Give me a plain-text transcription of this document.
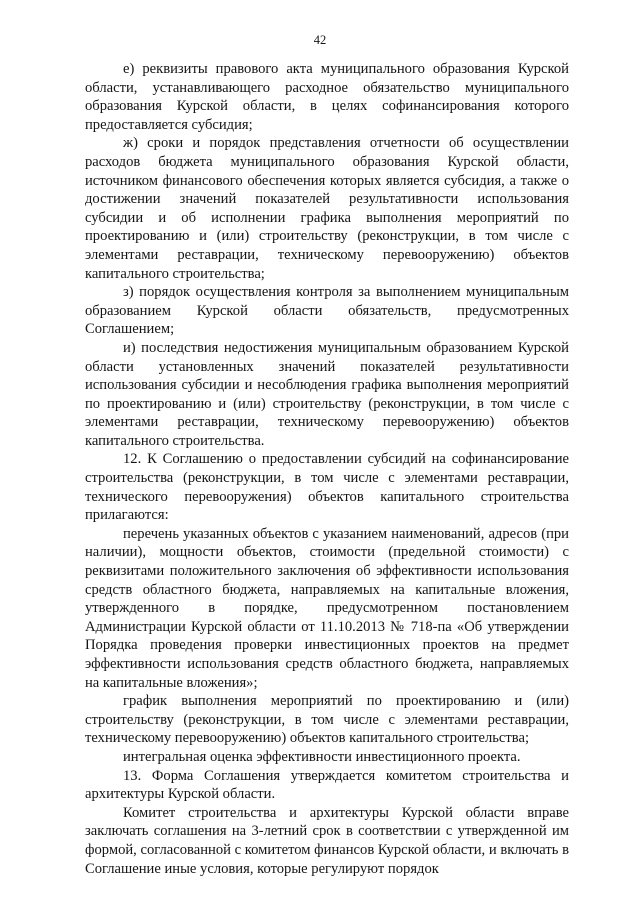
42

е) реквизиты правового акта муниципального образования Курской области, устанавливающего расходное обязательство муниципального образования Курской области, в целях софинансирования которого предоставляется субсидия;

ж) сроки и порядок представления отчетности об осуществлении расходов бюджета муниципального образования Курской области, источником финансового обеспечения которых является субсидия, а также о достижении значений показателей результативности использования субсидии и об исполнении графика выполнения мероприятий по проектированию и (или) строительству (реконструкции, в том числе с элементами реставрации, техническому перевооружению) объектов капитального строительства;

з) порядок осуществления контроля за выполнением муниципальным образованием Курской области обязательств, предусмотренных Соглашением;

и) последствия недостижения муниципальным образованием Курской области установленных значений показателей результативности использования субсидии и несоблюдения графика выполнения мероприятий по проектированию и (или) строительству (реконструкции, в том числе с элементами реставрации, техническому перевооружению) объектов капитального строительства.

12. К Соглашению о предоставлении субсидий на софинансирование строительства (реконструкции, в том числе с элементами реставрации, технического перевооружения) объектов капитального строительства прилагаются:

перечень указанных объектов с указанием наименований, адресов (при наличии), мощности объектов, стоимости (предельной стоимости) с реквизитами положительного заключения об эффективности использования средств областного бюджета, направляемых на капитальные вложения, утвержденного в порядке, предусмотренном постановлением Администрации Курской области от 11.10.2013 № 718-па «Об утверждении Порядка проведения проверки инвестиционных проектов на предмет эффективности использования средств областного бюджета, направляемых на капитальные вложения»;

график выполнения мероприятий по проектированию и (или) строительству (реконструкции, в том числе с элементами реставрации, техническому перевооружению) объектов капитального строительства;

интегральная оценка эффективности инвестиционного проекта.

13. Форма Соглашения утверждается комитетом строительства и архитектуры Курской области.

Комитет строительства и архитектуры Курской области вправе заключать соглашения на 3-летний срок в соответствии с утвержденной им формой, согласованной с комитетом финансов Курской области, и включать в Соглашение иные условия, которые регулируют порядок
